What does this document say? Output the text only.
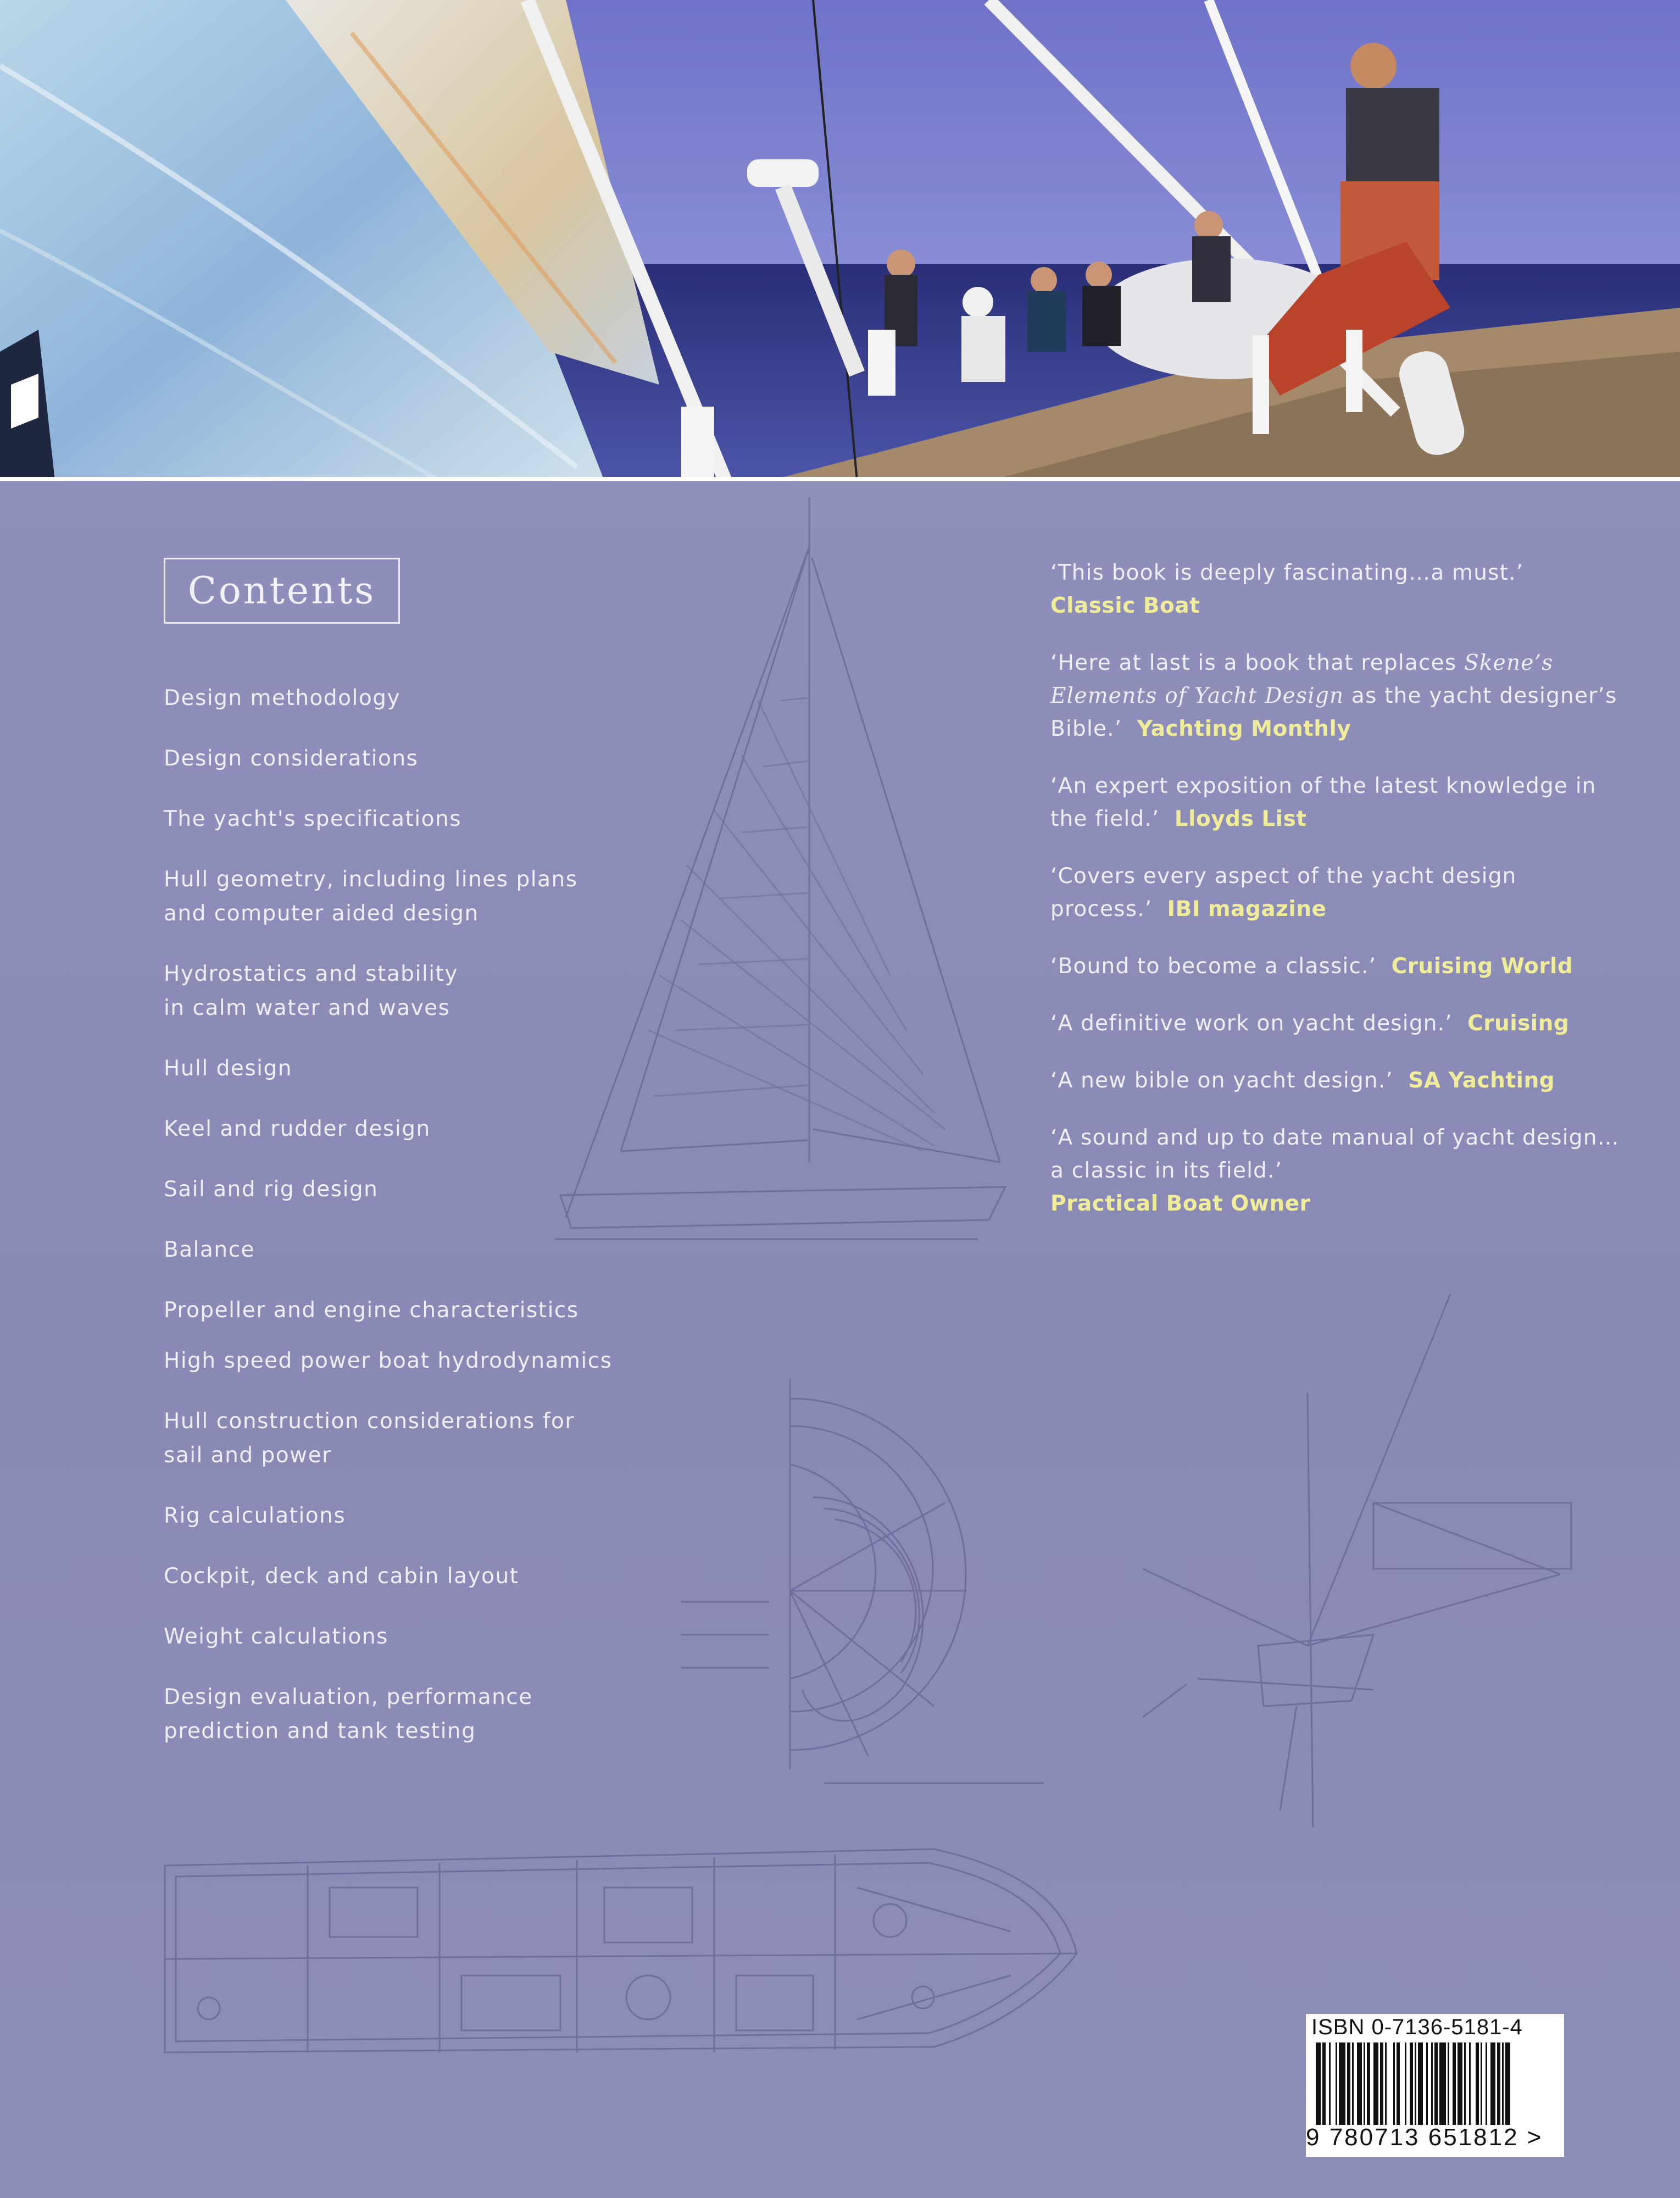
Contents
Design methodology
Design considerations
The yacht's specifications
Hull geometry, including lines plans and computer aided design
Hydrostatics and stability in calm water and waves
Hull design
Keel and rudder design
Sail and rig design
Balance
Propeller and engine characteristics
High speed power boat hydrodynamics
Hull construction considerations for sail and power
Rig calculations
Cockpit, deck and cabin layout
Weight calculations
Design evaluation, performance prediction and tank testing
‘This book is deeply fascinating…a must.’
Classic Boat
‘Here at last is a book that replaces Skene’s Elements of Yacht Design as the yacht designer’s Bible.’ Yachting Monthly
‘An expert exposition of the latest knowledge in the field.’ Lloyds List
‘Covers every aspect of the yacht design process.’ IBI magazine
‘Bound to become a classic.’ Cruising World
‘A definitive work on yacht design.’ Cruising
‘A new bible on yacht design.’ SA Yachting
‘A sound and up to date manual of yacht design…a classic in its field.’
Practical Boat Owner
ISBN 0-7136-5181-4
9 780713 651812 >
